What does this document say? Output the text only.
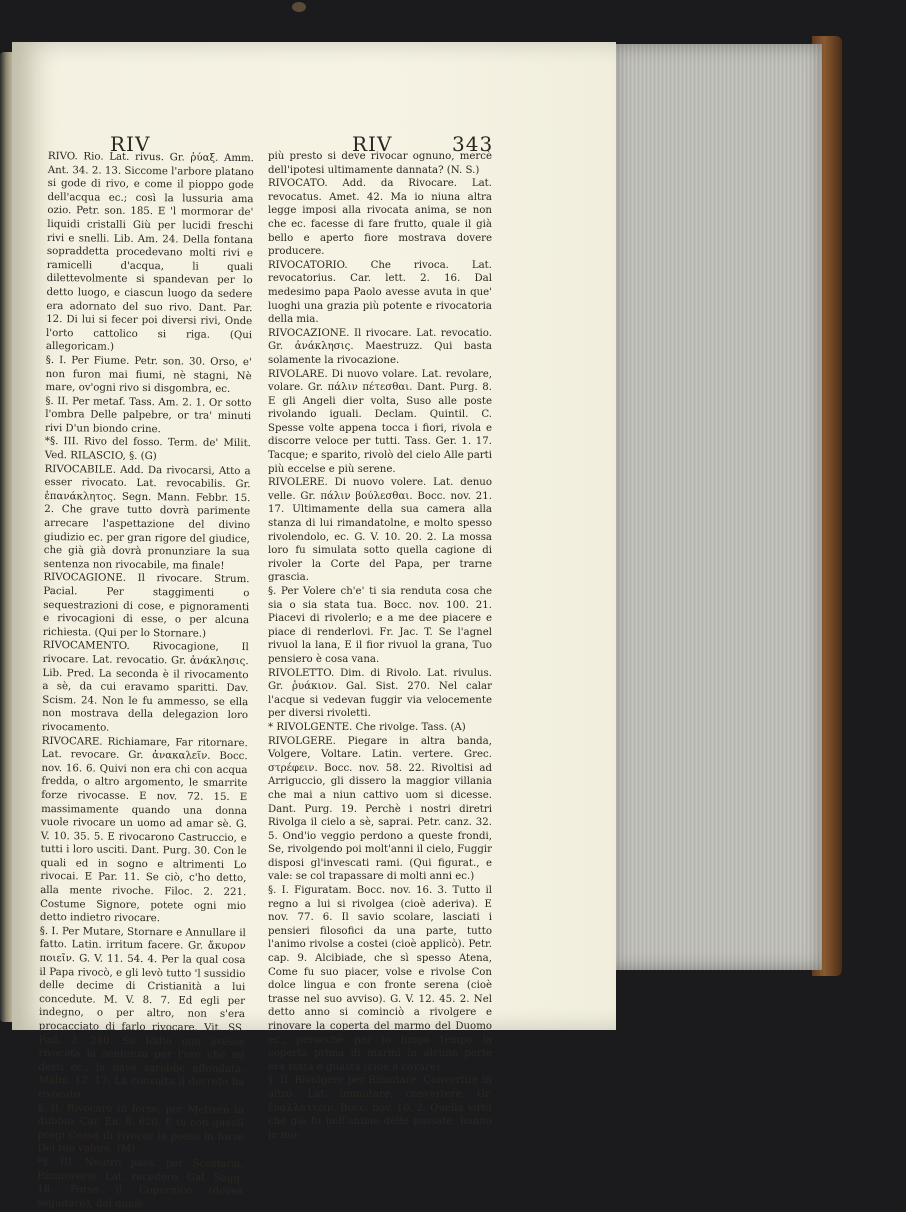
RIV	RIV	343

RIVO. Rio. Lat. rivus. Gr. ῥύαξ. Amm. Ant. 34. 2. 13. Siccome l'arbore platano si gode di rivo, e come il pioppo gode dell'acqua ec.; così la lussuria ama ozio. Petr. son. 185. E 'l mormorar de' liquidi cristalli Giù per lucidi freschi rivi e snelli. Lib. Am. 24. Della fontana sopraddetta procedevano molti rivi e ramicelli d'acqua, li quali dilettevolmente si spandevan per lo detto luogo, e ciascun luogo da sedere era adornato del suo rivo. Dant. Par. 12. Di lui si fecer poi diversi rivi, Onde l'orto cattolico si riga. (Qui allegoricam.)

§. I. Per Fiume. Petr. son. 30. Orso, e' non furon mai fiumi, nè stagni, Nè mare, ov'ogni rivo si disgombra, ec.

§. II. Per metaf. Tass. Am. 2. 1. Or sotto l'ombra Delle palpebre, or tra' minuti rivi D'un biondo crine.

*§. III. Rivo del fosso. Term. de' Milit. Ved. RILASCIO, §. (G)

RIVOCABILE. Add. Da rivocarsi, Atto a esser rivocato. Lat. revocabilis. Gr. ἐπανάκλητος. Segn. Mann. Febbr. 15. 2. Che grave tutto dovrà parimente arrecare l'aspettazione del divino giudizio ec. per gran rigore del giudice, che già già dovrà pronunziare la sua sentenza non rivocabile, ma finale!

RIVOCAGIONE. Il rivocare. Strum. Pacial. Per staggimenti o sequestrazioni di cose, e pignoramenti e rivocagioni di esse, o per alcuna richiesta. (Qui per lo Stornare.)

RIVOCAMENTO. Rivocagione, Il rivocare. Lat. revocatio. Gr. ἀνάκλησις. Lib. Pred. La seconda è il rivocamento a sè, da cui eravamo sparitti. Dav. Scism. 24. Non le fu ammesso, se ella non mostrava della delegazion loro rivocamento.

RIVOCARE. Richiamare, Far ritornare. Lat. revocare. Gr. ἀνακαλεῖν. Bocc. nov. 16. 6. Quivi non era chi con acqua fredda, o altro argomento, le smarrite forze rivocasse. E nov. 72. 15. E massimamente quando una donna vuole rivocare un uomo ad amar sè. G. V. 10. 35. 5. E rivocarono Castruccio, e tutti i loro usciti. Dant. Purg. 30. Con le quali ed in sogno e altrimenti Lo rivocai. E Par. 11. Se ciò, c'ho detto, alla mente rivoche. Filoc. 2. 221. Costume Signore, potete ogni mio detto indietro rivocare.

§. I. Per Mutare, Stornare e Annullare il fatto. Latin. irritum facere. Gr. ἄκυρον ποιεῖν. G. V. 11. 54. 4. Per la qual cosa il Papa rivocò, e gli levò tutto 'l sussidio delle decime di Cristianità a lui concedute. M. V. 8. 7. Ed egli per indegno, o per altro, non s'era procacciato di farlo rivocare. Vit. SS. Pad. 2. 240. Se Iddio non avesse rivocata la sentenza per l'oro che mi desti ec., la nave sarebbe affondata. Malm. 12. 17. La consulta il decreto ha rivocato.

§. II. Rivocare in forse, per Mettere in dubbio. Car. En. 8. 620. E tu con questi pregi Cessa di rivocar la possa in forse Del tuo valore. (M)

*§. III. Neutro pass. per Scostarsi, Rimuoversi. Lat. recedere. Gal. Sagg. 18. Forse il Copernico (dovea seguitare), dal quale

più presto si deve rivocar ognuno, mercè dell'ipotesi ultimamente dannata? (N. S.)

RIVOCATO. Add. da Rivocare. Lat. revocatus. Amet. 42. Ma io niuna altra legge imposi alla rivocata anima, se non che ec. facesse di fare frutto, quale il già bello e aperto fiore mostrava dovere producere.

RIVOCATORIO. Che rivoca. Lat. revocatorius. Car. lett. 2. 16. Dal medesimo papa Paolo avesse avuta in que' luoghi una grazia più potente e rivocatoria della mia.

RIVOCAZIONE. Il rivocare. Lat. revocatio. Gr. ἀνάκλησις. Maestruzz. Qui basta solamente la rivocazione.

RIVOLARE. Di nuovo volare. Lat. revolare, volare. Gr. πάλιν πέτεσθαι. Dant. Purg. 8. E gli Angeli dier volta, Suso alle poste rivolando iguali. Declam. Quintil. C. Spesse volte appena tocca i fiori, rivola e discorre veloce per tutti. Tass. Ger. 1. 17. Tacque; e sparito, rivolò del cielo Alle parti più eccelse e più serene.

RIVOLERE. Di nuovo volere. Lat. denuo velle. Gr. πάλιν βούλεσθαι. Bocc. nov. 21. 17. Ultimamente della sua camera alla stanza di lui rimandatolne, e molto spesso rivolendolo, ec. G. V. 10. 20. 2. La mossa loro fu simulata sotto quella cagione di rivoler la Corte del Papa, per trarne grascia.

§. Per Volere ch'e' ti sia renduta cosa che sia o sia stata tua. Bocc. nov. 100. 21. Piacevi di rivolerlo; e a me dee piacere e piace di renderlovi. Fr. Jac. T. Se l'agnel rivuol la lana, E il fior rivuol la grana, Tuo pensiero è cosa vana.

RIVOLETTO. Dim. di Rivolo. Lat. rivulus. Gr. ῥυάκιον. Gal. Sist. 270. Nel calar l'acque si vedevan fuggir via velocemente per diversi rivoletti.

* RIVOLGENTE. Che rivolge. Tass. (A)

RIVOLGERE. Piegare in altra banda, Volgere, Voltare. Latin. vertere. Grec. στρέφειν. Bocc. nov. 58. 22. Rivoltisi ad Arriguccio, gli dissero la maggior villania che mai a niun cattivo uom si dicesse. Dant. Purg. 19. Perchè i nostri diretri Rivolga il cielo a sè, saprai. Petr. canz. 32. 5. Ond'io veggio perdono a queste frondi, Se, rivolgendo poi molt'anni il cielo, Fuggir disposi gl'invescati rami. (Qui figurat., e vale: se col trapassare di molti anni ec.)

§. I. Figuratam. Bocc. nov. 16. 3. Tutto il regno a lui si rivolgea (cioè aderiva). E nov. 77. 6. Il savio scolare, lasciati i pensieri filosofici da una parte, tutto l'animo rivolse a costei (cioè applicò). Petr. cap. 9. Alcibiade, che sì spesso Atena, Come fu suo piacer, volse e rivolse Con dolce lingua e con fronte serena (cioè trasse nel suo avviso). G. V. 12. 45. 2. Nel detto anno si cominciò a rivolgere e rinovare la coperta del marmo del Duomo ec., perocchè per lo lungo tempo la coperta prima di marmi in alcuna parte era rotta e guasta (cioè a cavare).

§. II. Rivolgere per Rimutare, Convertire in altro. Lat. immutare, convertere. Gr. ἐναλλάττειν. Bocc. nov. 10. 2. Quella virtù che già fu nell'animo delle passate, hanno le mo-
